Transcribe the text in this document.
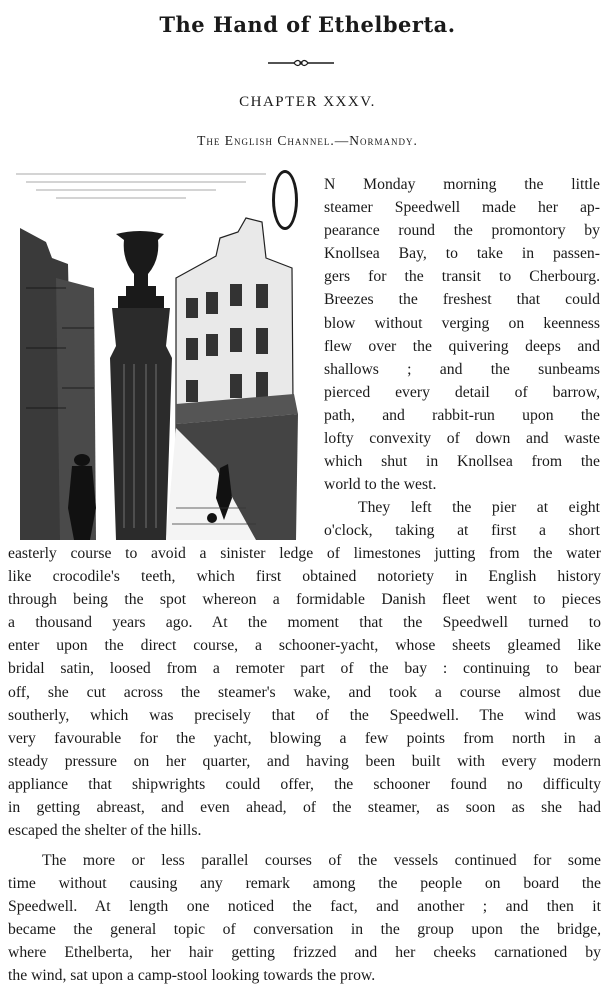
The Hand of Ethelberta.
CHAPTER XXXV.
The English Channel.—Normandy.
N Monday morning the little
steamer Speedwell made her ap-
pearance round the promontory by
Knollsea Bay, to take in passen-
gers for the transit to Cherbourg.
Breezes the freshest that could
blow without verging on keenness
flew over the quivering deeps and
shallows ; and the sunbeams
pierced every detail of barrow,
path, and rabbit-run upon the
lofty convexity of down and waste
which shut in Knollsea from the
world to the west.
They left the pier at eight
o'clock, taking at first a short
easterly course to avoid a sinister ledge of limestones jutting from the water
like crocodile's teeth, which first obtained notoriety in English history
through being the spot whereon a formidable Danish fleet went to pieces
a thousand years ago. At the moment that the Speedwell turned to
enter upon the direct course, a schooner-yacht, whose sheets gleamed like
bridal satin, loosed from a remoter part of the bay : continuing to bear
off, she cut across the steamer's wake, and took a course almost due
southerly, which was precisely that of the Speedwell. The wind was
very favourable for the yacht, blowing a few points from north in a
steady pressure on her quarter, and having been built with every modern
appliance that shipwrights could offer, the schooner found no difficulty
in getting abreast, and even ahead, of the steamer, as soon as she had
escaped the shelter of the hills.
The more or less parallel courses of the vessels continued for some
time without causing any remark among the people on board the
Speedwell. At length one noticed the fact, and another ; and then it
became the general topic of conversation in the group upon the bridge,
where Ethelberta, her hair getting frizzed and her cheeks carnationed by
the wind, sat upon a camp-stool looking towards the prow.
